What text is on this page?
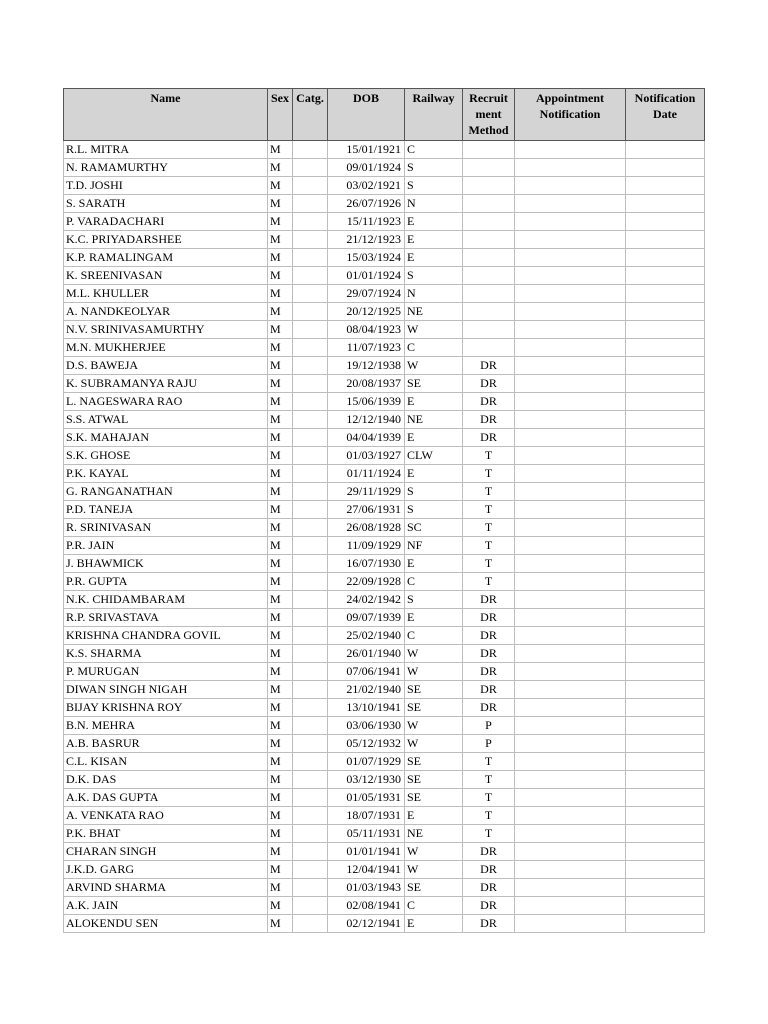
Name	Sex	Catg.	DOB	Railway	Recruit ment Method	Appointment Notification	Notification Date
R.L. MITRA	M		15/01/1921	C			
N. RAMAMURTHY	M		09/01/1924	S			
T.D. JOSHI	M		03/02/1921	S			
S. SARATH	M		26/07/1926	N			
P. VARADACHARI	M		15/11/1923	E			
K.C. PRIYADARSHEE	M		21/12/1923	E			
K.P. RAMALINGAM	M		15/03/1924	E			
K. SREENIVASAN	M		01/01/1924	S			
M.L. KHULLER	M		29/07/1924	N			
A. NANDKEOLYAR	M		20/12/1925	NE			
N.V. SRINIVASAMURTHY	M		08/04/1923	W			
M.N. MUKHERJEE	M		11/07/1923	C			
D.S. BAWEJA	M		19/12/1938	W	DR		
K. SUBRAMANYA RAJU	M		20/08/1937	SE	DR		
L. NAGESWARA RAO	M		15/06/1939	E	DR		
S.S. ATWAL	M		12/12/1940	NE	DR		
S.K. MAHAJAN	M		04/04/1939	E	DR		
S.K. GHOSE	M		01/03/1927	CLW	T		
P.K. KAYAL	M		01/11/1924	E	T		
G. RANGANATHAN	M		29/11/1929	S	T		
P.D. TANEJA	M		27/06/1931	S	T		
R. SRINIVASAN	M		26/08/1928	SC	T		
P.R. JAIN	M		11/09/1929	NF	T		
J. BHAWMICK	M		16/07/1930	E	T		
P.R. GUPTA	M		22/09/1928	C	T		
N.K. CHIDAMBARAM	M		24/02/1942	S	DR		
R.P. SRIVASTAVA	M		09/07/1939	E	DR		
KRISHNA CHANDRA GOVIL	M		25/02/1940	C	DR		
K.S. SHARMA	M		26/01/1940	W	DR		
P. MURUGAN	M		07/06/1941	W	DR		
DIWAN SINGH NIGAH	M		21/02/1940	SE	DR		
BIJAY KRISHNA ROY	M		13/10/1941	SE	DR		
B.N. MEHRA	M		03/06/1930	W	P		
A.B. BASRUR	M		05/12/1932	W	P		
C.L. KISAN	M		01/07/1929	SE	T		
D.K. DAS	M		03/12/1930	SE	T		
A.K. DAS GUPTA	M		01/05/1931	SE	T		
A. VENKATA RAO	M		18/07/1931	E	T		
P.K. BHAT	M		05/11/1931	NE	T		
CHARAN SINGH	M		01/01/1941	W	DR		
J.K.D. GARG	M		12/04/1941	W	DR		
ARVIND SHARMA	M		01/03/1943	SE	DR		
A.K. JAIN	M		02/08/1941	C	DR		
ALOKENDU SEN	M		02/12/1941	E	DR		
